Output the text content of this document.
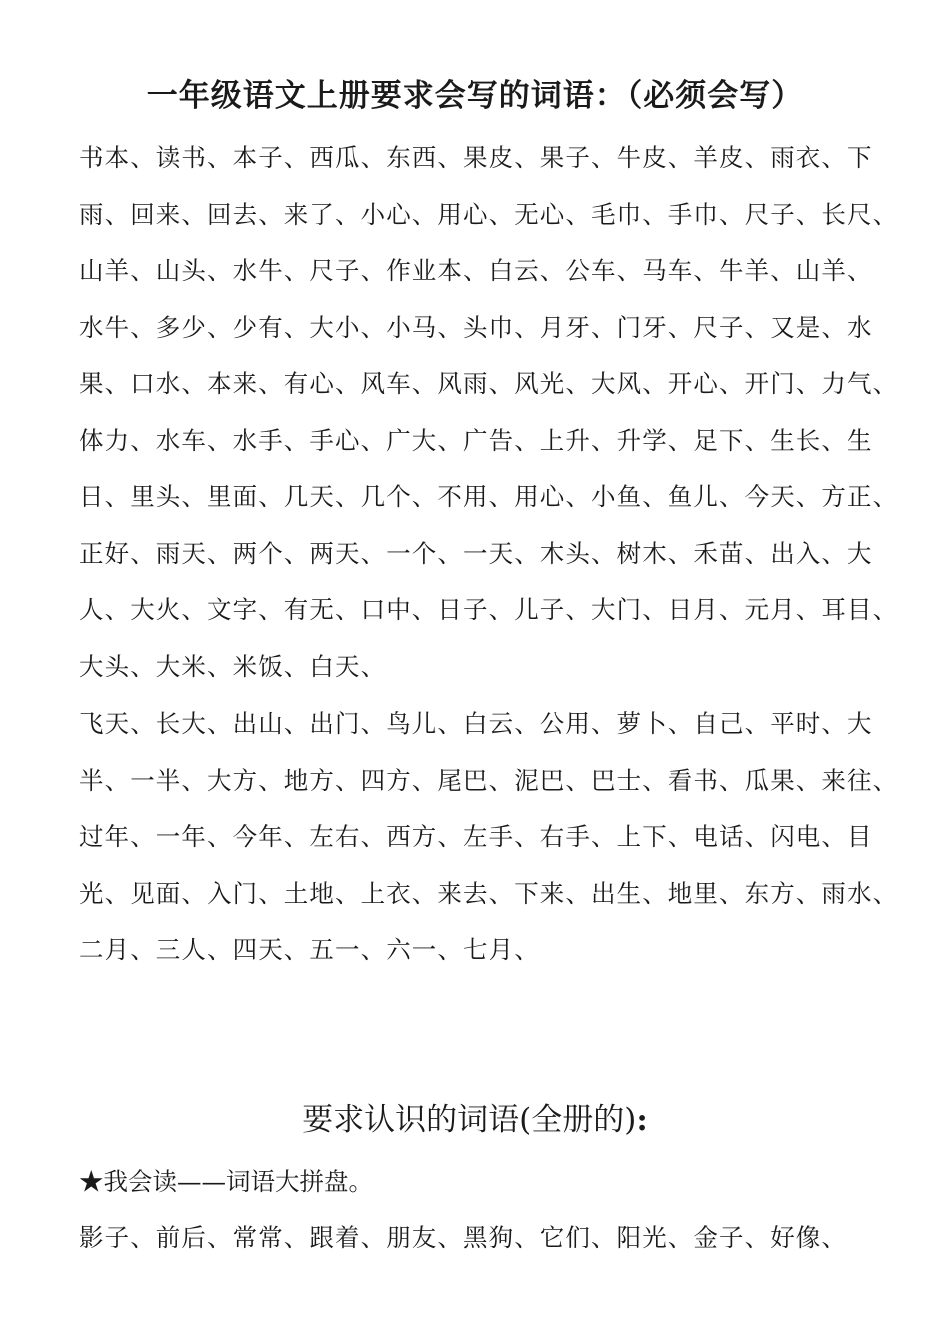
一年级语文上册要求会写的词语：（必须会写）
书本、读书、本子、西瓜、东西、果皮、果子、牛皮、羊皮、雨衣、下
雨、回来、回去、来了、小心、用心、无心、毛巾、手巾、尺子、长尺、
山羊、山头、水牛、尺子、作业本、白云、公车、马车、牛羊、山羊、
水牛、多少、少有、大小、小马、头巾、月牙、门牙、尺子、又是、水
果、口水、本来、有心、风车、风雨、风光、大风、开心、开门、力气、
体力、水车、水手、手心、广大、广告、上升、升学、足下、生长、生
日、里头、里面、几天、几个、不用、用心、小鱼、鱼儿、今天、方正、
正好、雨天、两个、两天、一个、一天、木头、树木、禾苗、出入、大
人、大火、文字、有无、口中、日子、儿子、大门、日月、元月、耳目、
大头、大米、米饭、白天、
飞天、长大、出山、出门、鸟儿、白云、公用、萝卜、自己、平时、大
半、一半、大方、地方、四方、尾巴、泥巴、巴士、看书、瓜果、来往、
过年、一年、今年、左右、西方、左手、右手、上下、电话、闪电、目
光、见面、入门、土地、上衣、来去、下来、出生、地里、东方、雨水、
二月、三人、四天、五一、六一、七月、
要求认识的词语(全册的):
★我会读——词语大拼盘。
影子、前后、常常、跟着、朋友、黑狗、它们、阳光、金子、好像、
